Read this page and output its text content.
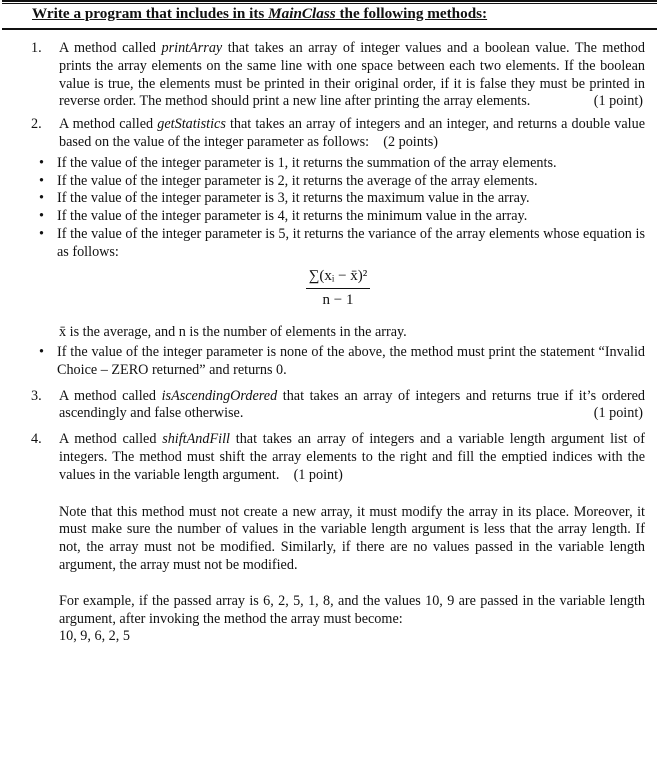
Write a program that includes in its MainClass the following methods:
1.	A method called printArray that takes an array of integer values and a boolean value. The method prints the array elements on the same line with one space between each two elements. If the boolean value is true, the elements must be printed in their original order, if it is false they must be printed in reverse order. The method should print a new line after printing the array elements.	(1 point)
2.	A method called getStatistics that takes an array of integers and an integer, and returns a double value based on the value of the integer parameter as follows: (2 points)
• If the value of the integer parameter is 1, it returns the summation of the array elements.
• If the value of the integer parameter is 2, it returns the average of the array elements.
• If the value of the integer parameter is 3, it returns the maximum value in the array.
• If the value of the integer parameter is 4, it returns the minimum value in the array.
• If the value of the integer parameter is 5, it returns the variance of the array elements whose equation is as follows:
$\frac{\text{∑(xᵢ − x̄)²}}{n - 1}$

x̄ is the average, and n is the number of elements in the array.

• If the value of the integer parameter is none of the above, the method must print the statement “Invalid Choice – ZERO returned” and returns 0.
3.	A method called isAscendingOrdered that takes an array of integers and returns true if it’s ordered ascendingly and false otherwise.	(1 point)
4.	A method called shiftAndFill that takes an array of integers and a variable length argument list of integers. The method must shift the array elements to the right and fill the emptied indices with the values in the variable length argument. (1 point)

Note that this method must not create a new array, it must modify the array in its place. Moreover, it must make sure the number of values in the variable length argument is less that the array length. If not, the array must not be modified. Similarly, if there are no values passed in the variable length argument, the array must not be modified.

For example, if the passed array is 6, 2, 5, 1, 8, and the values 10, 9 are passed in the variable length argument, after invoking the method the array must become:

10, 9, 6, 2, 5
